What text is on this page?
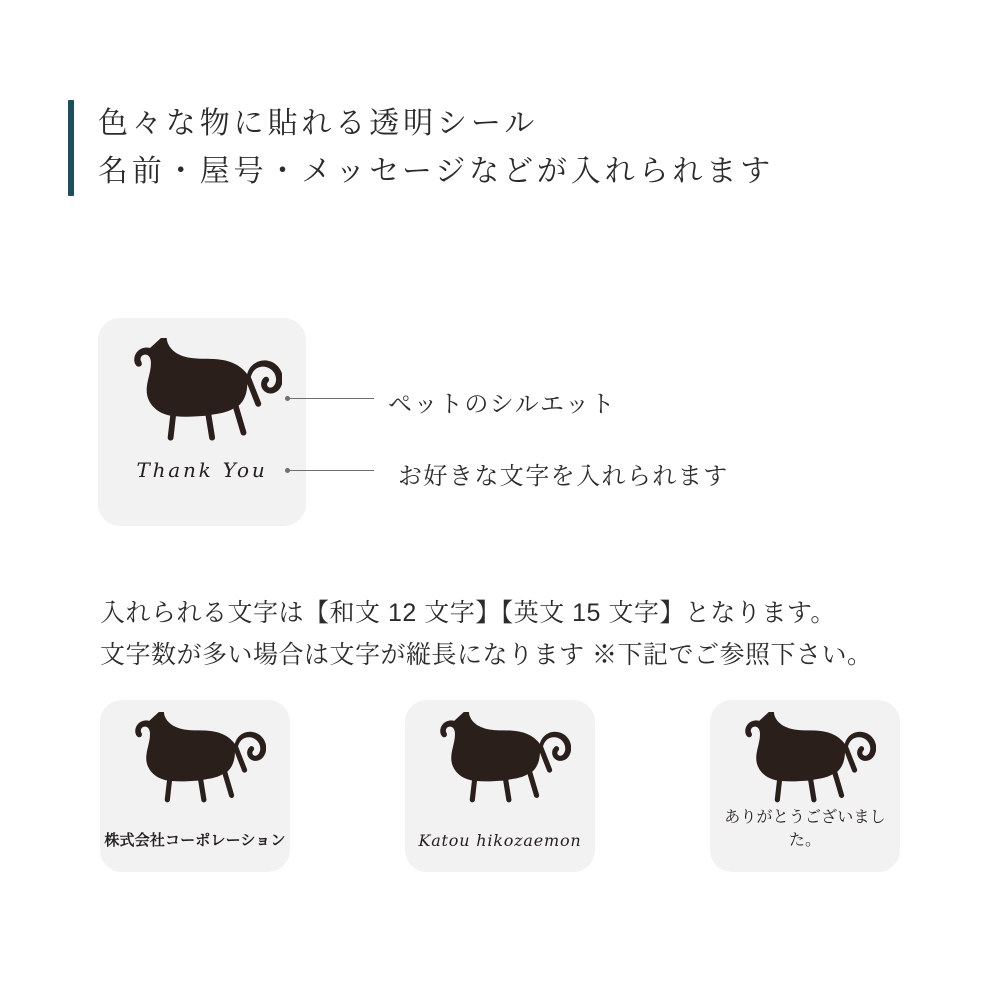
色々な物に貼れる透明シール
名前・屋号・メッセージなどが入れられます
Thank You
ペットのシルエット
お好きな文字を入れられます
入れられる文字は【和文 12 文字】【英文 15 文字】となります。
文字数が多い場合は文字が縦長になります ※下記でご参照下さい。
株式会社コーポレーション	Katou hikozaemon
ありがとうございました。
